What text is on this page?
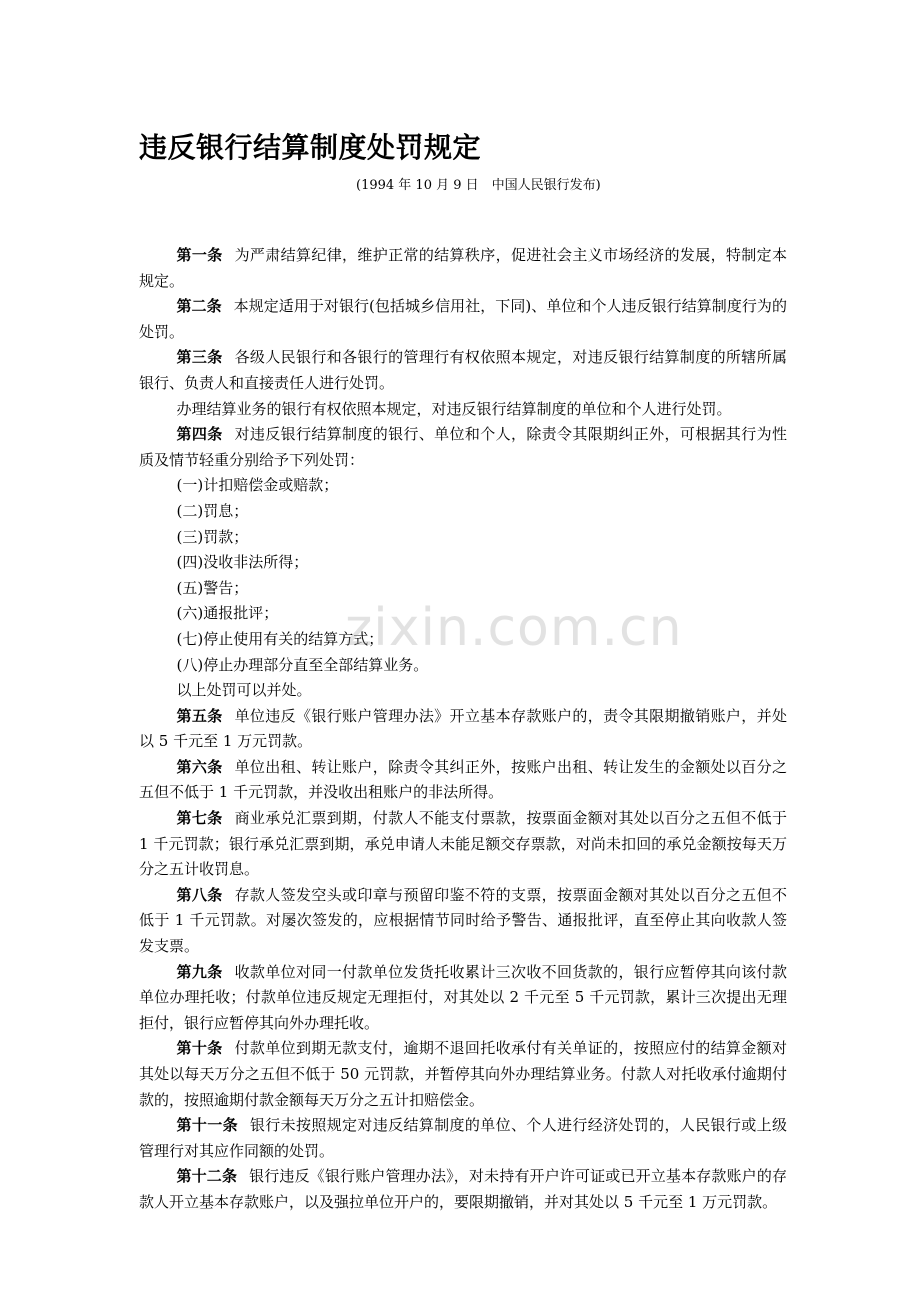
违反银行结算制度处罚规定
(1994 年 10 月 9 日　中国人民银行发布)

第一条 为严肃结算纪律，维护正常的结算秩序，促进社会主义市场经济的发展，特制定本规定。

第二条 本规定适用于对银行(包括城乡信用社，下同)、单位和个人违反银行结算制度行为的处罚。

第三条 各级人民银行和各银行的管理行有权依照本规定，对违反银行结算制度的所辖所属银行、负责人和直接责任人进行处罚。

办理结算业务的银行有权依照本规定，对违反银行结算制度的单位和个人进行处罚。

第四条 对违反银行结算制度的银行、单位和个人，除责令其限期纠正外，可根据其行为性质及情节轻重分别给予下列处罚：

(一)计扣赔偿金或赔款；

(二)罚息；

(三)罚款；

(四)没收非法所得；

(五)警告；

(六)通报批评；

(七)停止使用有关的结算方式；

(八)停止办理部分直至全部结算业务。

以上处罚可以并处。

第五条 单位违反《银行账户管理办法》开立基本存款账户的，责令其限期撤销账户，并处以 5 千元至 1 万元罚款。

第六条 单位出租、转让账户，除责令其纠正外，按账户出租、转让发生的金额处以百分之五但不低于 1 千元罚款，并没收出租账户的非法所得。

第七条 商业承兑汇票到期，付款人不能支付票款，按票面金额对其处以百分之五但不低于 1 千元罚款；银行承兑汇票到期，承兑申请人未能足额交存票款，对尚未扣回的承兑金额按每天万分之五计收罚息。

第八条 存款人签发空头或印章与预留印鉴不符的支票，按票面金额对其处以百分之五但不低于 1 千元罚款。对屡次签发的，应根据情节同时给予警告、通报批评，直至停止其向收款人签发支票。

第九条 收款单位对同一付款单位发货托收累计三次收不回货款的，银行应暂停其向该付款单位办理托收；付款单位违反规定无理拒付，对其处以 2 千元至 5 千元罚款，累计三次提出无理拒付，银行应暂停其向外办理托收。

第十条 付款单位到期无款支付，逾期不退回托收承付有关单证的，按照应付的结算金额对其处以每天万分之五但不低于 50 元罚款，并暂停其向外办理结算业务。付款人对托收承付逾期付款的，按照逾期付款金额每天万分之五计扣赔偿金。

第十一条 银行未按照规定对违反结算制度的单位、个人进行经济处罚的，人民银行或上级管理行对其应作同额的处罚。

第十二条 银行违反《银行账户管理办法》，对未持有开户许可证或已开立基本存款账户的存款人开立基本存款账户，以及强拉单位开户的，要限期撤销，并对其处以 5 千元至 1 万元罚款。

zixin.com.cn
